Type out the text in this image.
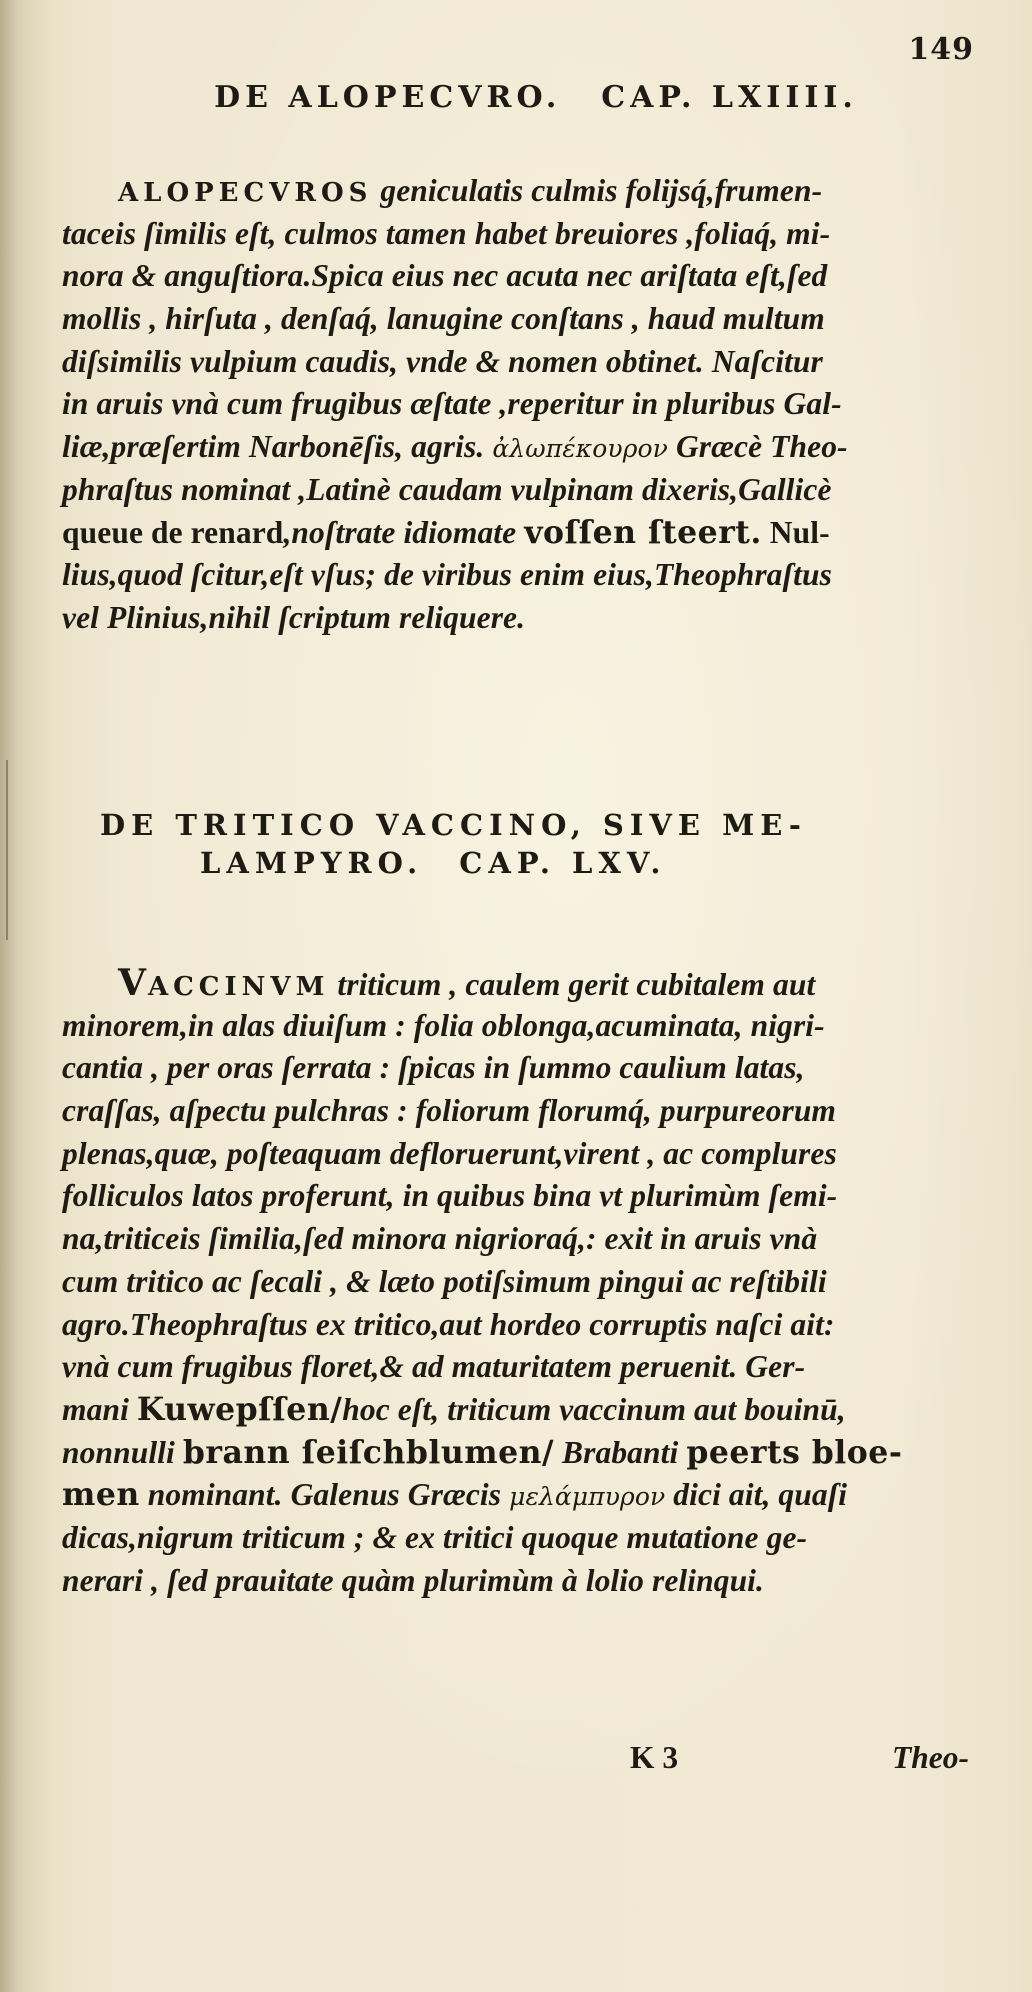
149
DE ALOPECVRO. CAP. LXIIII.
ALOPECVROS geniculatis culmis folijsq́,frumen-
taceis ſimilis eſt, culmos tamen habet breuiores ,foliaq́, mi-
nora & anguſtiora.Spica eius nec acuta nec ariſtata eſt,ſed
mollis , hirſuta , denſaq́, lanugine conſtans , haud multum
diſsimilis vulpium caudis, vnde & nomen obtinet. Naſcitur
in aruis vnà cum frugibus æſtate ,reperitur in pluribus Gal-
liæ,præſertim Narbonēſis, agris. ἀλωπέκουρον Græcè Theo-
phraſtus nominat ,Latinè caudam vulpinam dixeris,Gallicè
queue de renard,noſtrate idiomate voſſen ſteert. Nul-
lius,quod ſcitur,eſt vſus; de viribus enim eius,Theophraſtus
vel Plinius,nihil ſcriptum reliquere.
DE TRITICO VACCINO, SIVE ME-
LAMPYRO. CAP. LXV.
VACCINVM triticum , caulem gerit cubitalem aut
minorem,in alas diuiſum : folia oblonga,acuminata, nigri-
cantia , per oras ſerrata : ſpicas in ſummo caulium latas,
craſſas, aſpectu pulchras : foliorum florumq́, purpureorum
plenas,quæ, poſteaquam defloruerunt,virent , ac complures
folliculos latos proferunt, in quibus bina vt plurimùm ſemi-
na,triticeis ſimilia,ſed minora nigrioraq́,: exit in aruis vnà
cum tritico ac ſecali , & læto potiſsimum pingui ac reſtibili
agro.Theophraſtus ex tritico,aut hordeo corruptis naſci ait:
vnà cum frugibus floret,& ad maturitatem peruenit. Ger-
mani Kuwepſſen/hoc eſt, triticum vaccinum aut bouinū,
nonnulli brann ſeiſchblumen/ Brabanti peerts bloe-
men nominant. Galenus Græcis μελάμπυρον dici ait, quaſi
dicas,nigrum triticum ; & ex tritici quoque mutatione ge-
nerari , ſed prauitate quàm plurimùm à lolio relinqui.
K 3	Theo-
